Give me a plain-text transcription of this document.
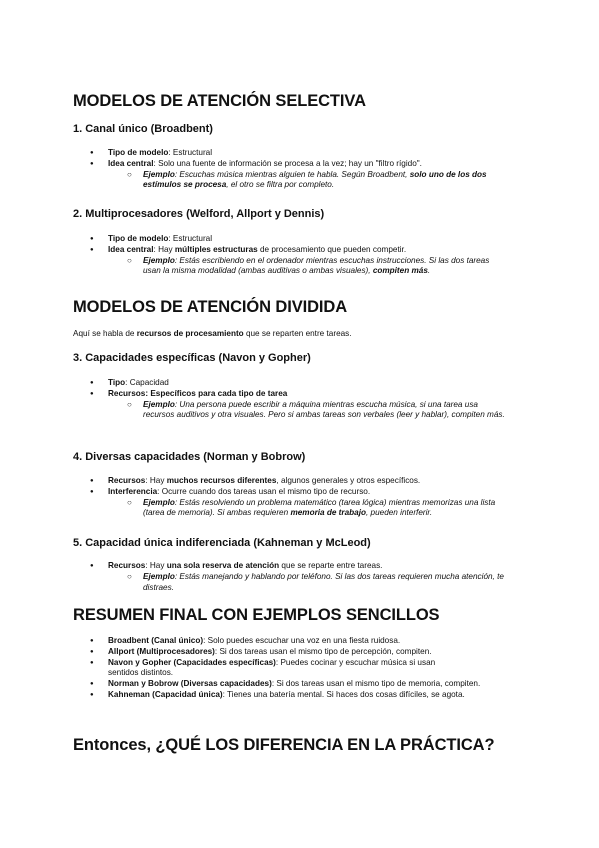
MODELOS DE ATENCIÓN SELECTIVA
1. Canal único (Broadbent)
● Tipo de modelo: Estructural
● Idea central: Solo una fuente de información se procesa a la vez; hay un "filtro rígido".
○ Ejemplo: Escuchas música mientras alguien te habla. Según Broadbent, solo uno de los dos estímulos se procesa, el otro se filtra por completo.
2. Multiprocesadores (Welford, Allport y Dennis)
● Tipo de modelo: Estructural
● Idea central: Hay múltiples estructuras de procesamiento que pueden competir.
○ Ejemplo: Estás escribiendo en el ordenador mientras escuchas instrucciones. Si las dos tareas usan la misma modalidad (ambas auditivas o ambas visuales), compiten más.
MODELOS DE ATENCIÓN DIVIDIDA

Aquí se habla de recursos de procesamiento que se reparten entre tareas.

3. Capacidades específicas (Navon y Gopher)
● Tipo: Capacidad
● Recursos: Específicos para cada tipo de tarea
○ Ejemplo: Una persona puede escribir a máquina mientras escucha música, si una tarea usa recursos auditivos y otra visuales. Pero si ambas tareas son verbales (leer y hablar), compiten más.
4. Diversas capacidades (Norman y Bobrow)
● Recursos: Hay muchos recursos diferentes, algunos generales y otros específicos.
● Interferencia: Ocurre cuando dos tareas usan el mismo tipo de recurso.
○ Ejemplo: Estás resolviendo un problema matemático (tarea lógica) mientras memorizas una lista (tarea de memoria). Si ambas requieren memoria de trabajo, pueden interferir.
5. Capacidad única indiferenciada (Kahneman y McLeod)
● Recursos: Hay una sola reserva de atención que se reparte entre tareas.
○ Ejemplo: Estás manejando y hablando por teléfono. Si las dos tareas requieren mucha atención, te distraes.
RESUMEN FINAL CON EJEMPLOS SENCILLOS
● Broadbent (Canal único): Solo puedes escuchar una voz en una fiesta ruidosa.
● Allport (Multiprocesadores): Si dos tareas usan el mismo tipo de percepción, compiten.
● Navon y Gopher (Capacidades específicas): Puedes cocinar y escuchar música si usan sentidos distintos.
● Norman y Bobrow (Diversas capacidades): Si dos tareas usan el mismo tipo de memoria, compiten.
● Kahneman (Capacidad única): Tienes una batería mental. Si haces dos cosas difíciles, se agota.
Entonces, ¿QUÉ LOS DIFERENCIA EN LA PRÁCTICA?
